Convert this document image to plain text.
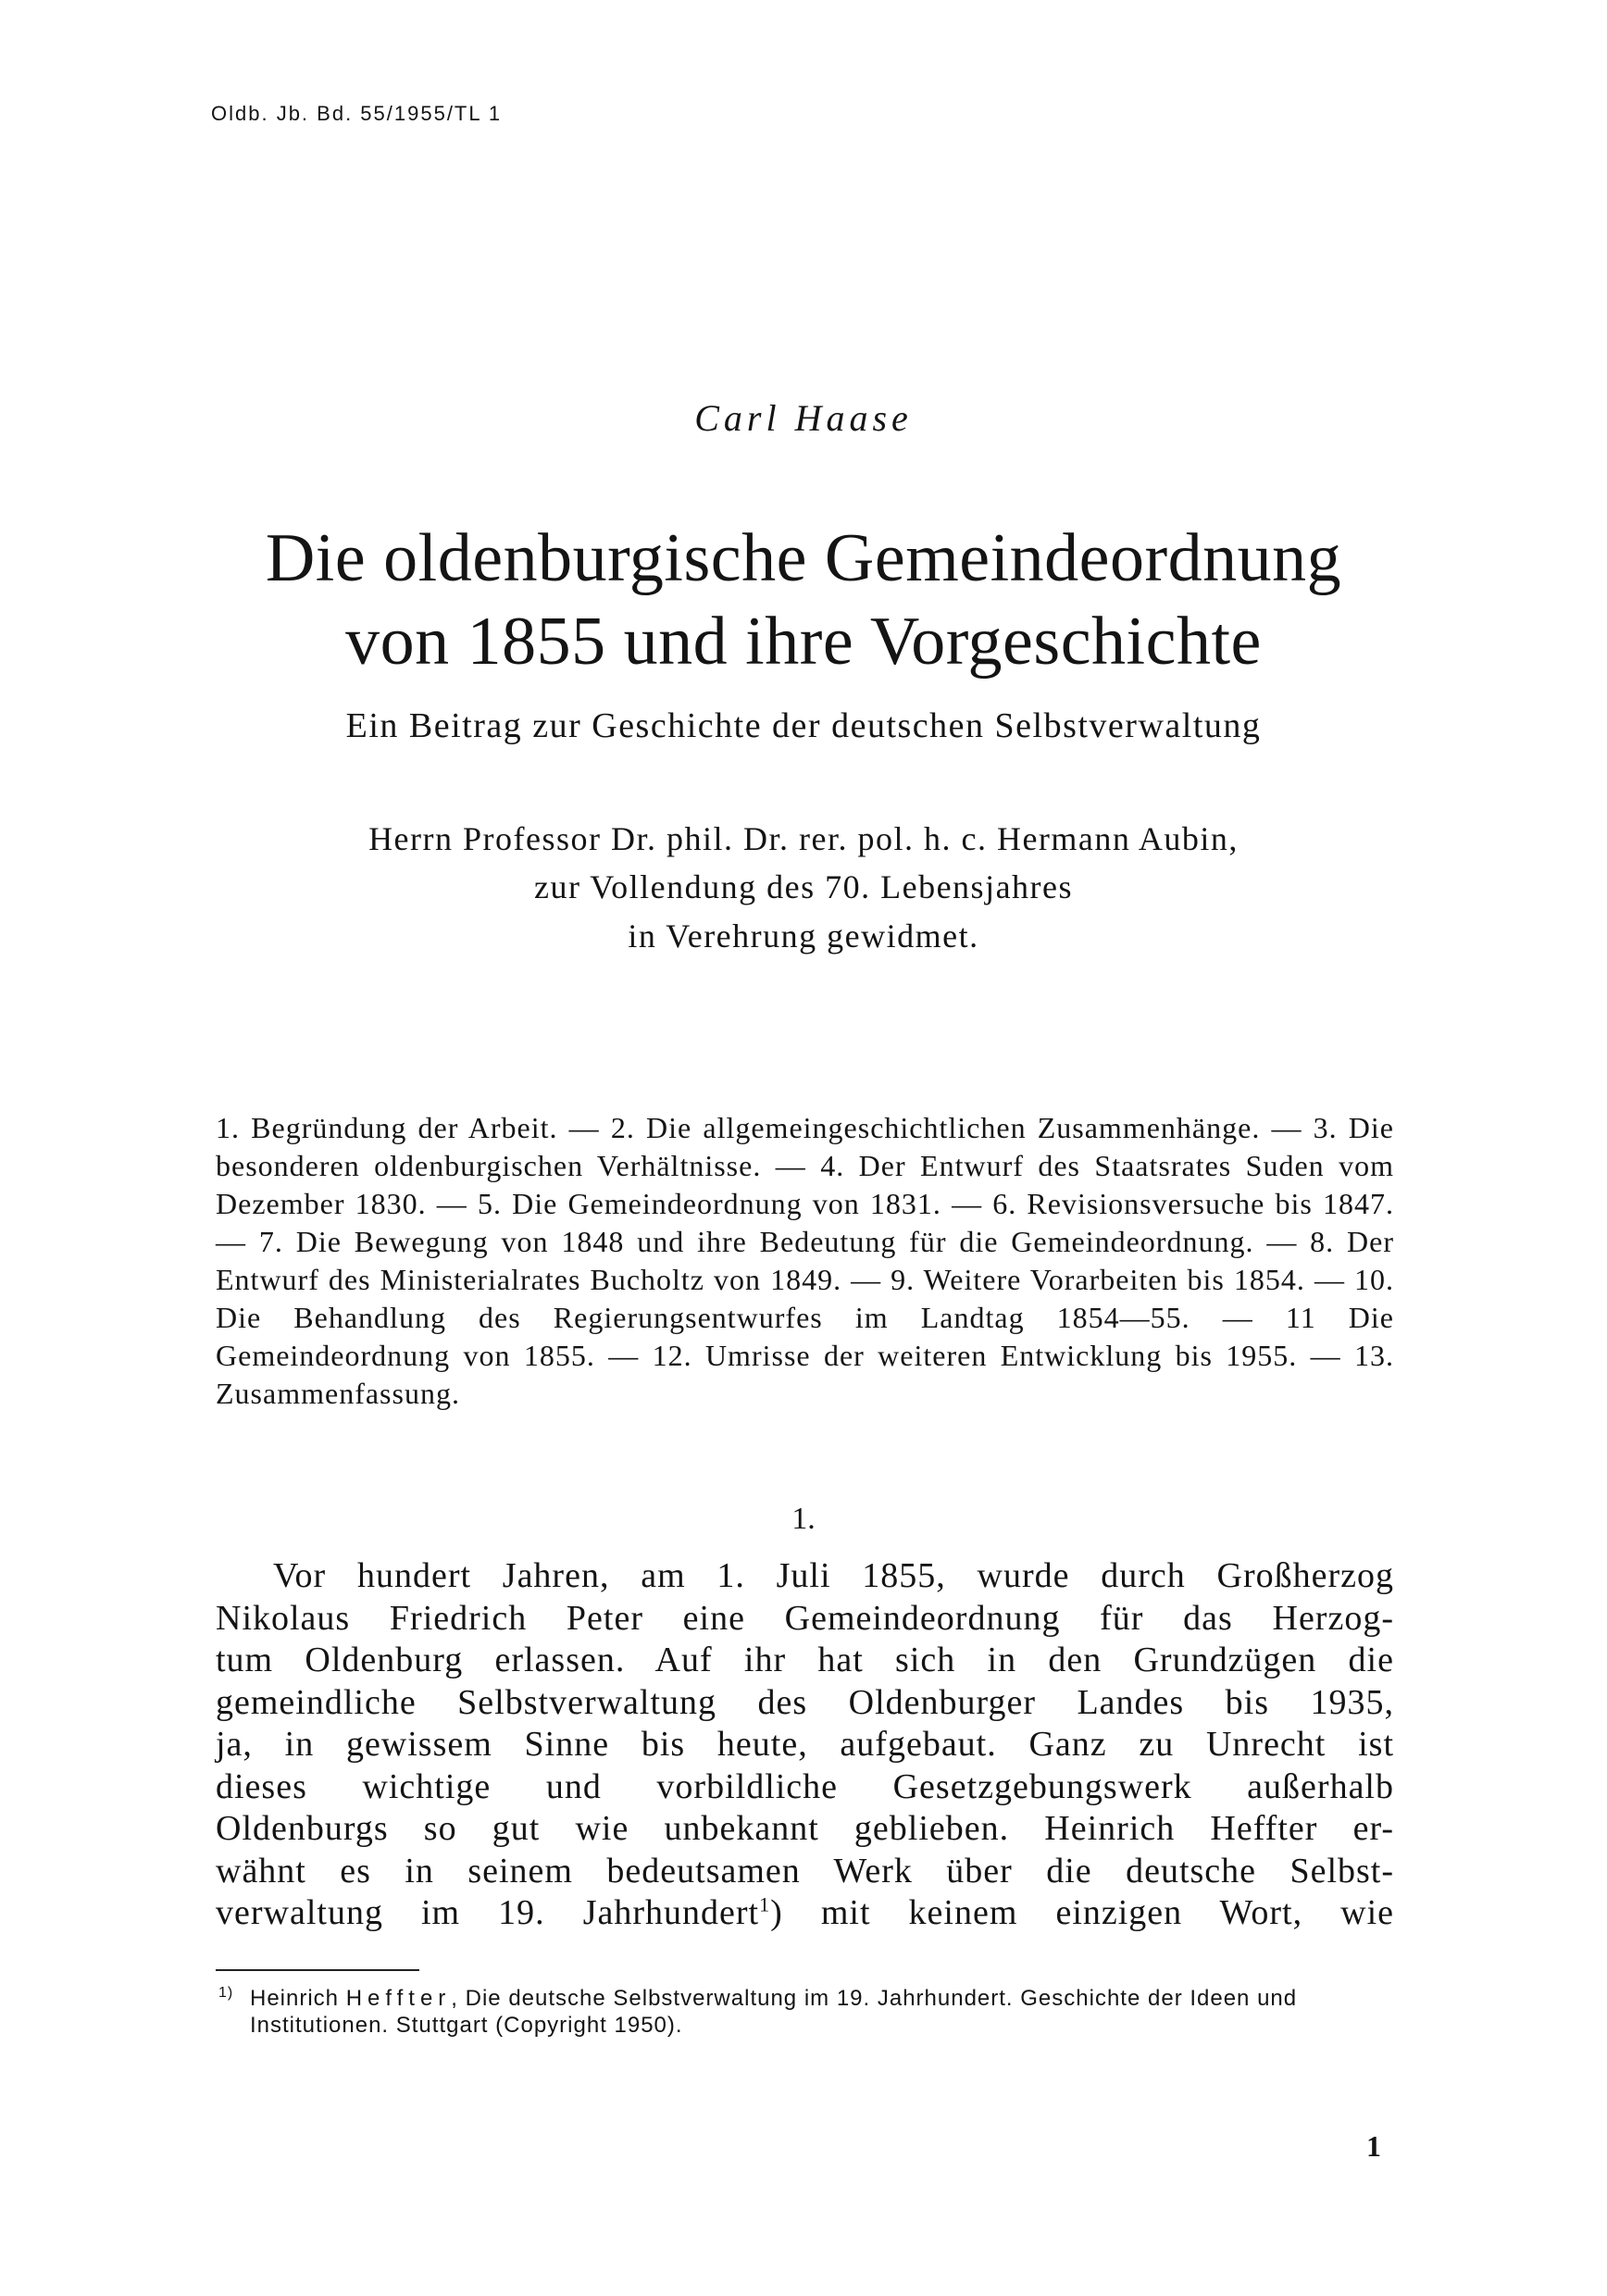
Oldb. Jb. Bd. 55/1955/TL 1
Carl Haase
Die oldenburgische Gemeindeordnung
von 1855 und ihre Vorgeschichte
Ein Beitrag zur Geschichte der deutschen Selbstverwaltung
Herrn Professor Dr. phil. Dr. rer. pol. h. c. Hermann Aubin,
zur Vollendung des 70. Lebensjahres
in Verehrung gewidmet.

1. Begründung der Arbeit. — 2. Die allgemeingeschichtlichen Zusammenhänge. — 3. Die besonderen oldenburgischen Verhältnisse. — 4. Der Entwurf des Staatsrates Suden vom Dezember 1830. — 5. Die Gemeindeordnung von 1831. — 6. Revisionsversuche bis 1847. — 7. Die Bewegung von 1848 und ihre Bedeutung für die Gemeindeordnung. — 8. Der Entwurf des Ministerialrates Bucholtz von 1849. — 9. Weitere Vorarbeiten bis 1854. — 10. Die Behandlung des Regierungsentwurfes im Landtag 1854—55. — 11 Die Gemeindeordnung von 1855. — 12. Umrisse der weiteren Entwicklung bis 1955. — 13. Zusammenfassung.

1.
Vor hundert Jahren, am 1. Juli 1855, wurde durch Großherzog
Nikolaus Friedrich Peter eine Gemeindeordnung für das Herzog-
tum Oldenburg erlassen. Auf ihr hat sich in den Grundzügen die
gemeindliche Selbstverwaltung des Oldenburger Landes bis 1935,
ja, in gewissem Sinne bis heute, aufgebaut. Ganz zu Unrecht ist
dieses wichtige und vorbildliche Gesetzgebungswerk außerhalb
Oldenburgs so gut wie unbekannt geblieben. Heinrich Heffter er-
wähnt es in seinem bedeutsamen Werk über die deutsche Selbst-
verwaltung im 19. Jahrhundert$^1$) mit keinem einzigen Wort, wie

1) Heinrich Heffter, Die deutsche Selbstverwaltung im 19. Jahrhundert. Geschichte der Ideen und Institutionen. Stuttgart (Copyright 1950).

1
